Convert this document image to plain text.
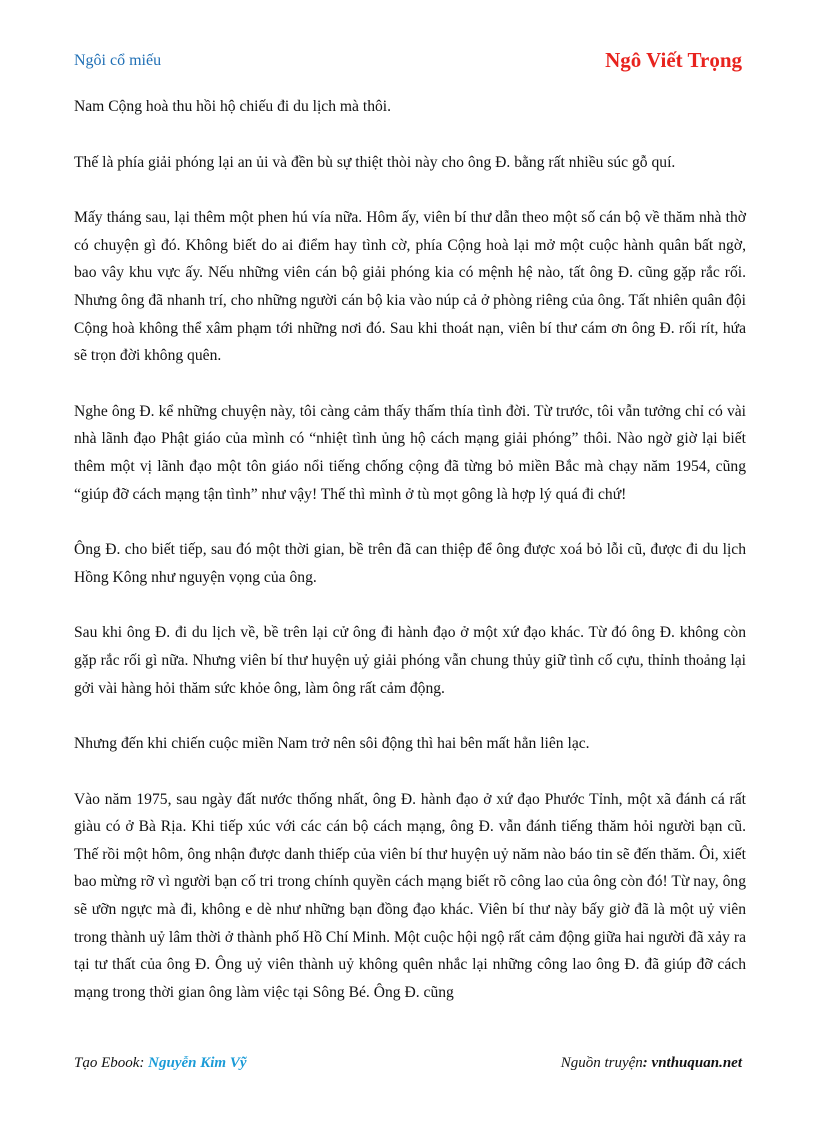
Ngôi cổ miếu	Ngô Viết Trọng

Nam Cộng hoà thu hồi hộ chiếu đi du lịch mà thôi.

Thế là phía giải phóng lại an ủi và đền bù sự thiệt thòi này cho ông Đ. bằng rất nhiều súc gỗ quí.

Mấy tháng sau, lại thêm một phen hú vía nữa. Hôm ấy, viên bí thư dẫn theo một số cán bộ về thăm nhà thờ có chuyện gì đó. Không biết do ai điểm hay tình cờ, phía Cộng hoà lại mở một cuộc hành quân bất ngờ, bao vây khu vực ấy. Nếu những viên cán bộ giải phóng kia có mệnh hệ nào, tất ông Đ. cũng gặp rắc rối. Nhưng ông đã nhanh trí, cho những người cán bộ kia vào núp cả ở phòng riêng của ông. Tất nhiên quân đội Cộng hoà không thể xâm phạm tới những nơi đó. Sau khi thoát nạn, viên bí thư cám ơn ông Đ. rối rít, hứa sẽ trọn đời không quên.

Nghe ông Đ. kể những chuyện này, tôi càng cảm thấy thấm thía tình đời. Từ trước, tôi vẫn tưởng chỉ có vài nhà lãnh đạo Phật giáo của mình có “nhiệt tình ủng hộ cách mạng giải phóng” thôi. Nào ngờ giờ lại biết thêm một vị lãnh đạo một tôn giáo nổi tiếng chống cộng đã từng bỏ miền Bắc mà chạy năm 1954, cũng “giúp đỡ cách mạng tận tình” như vậy! Thế thì mình ở tù mọt gông là hợp lý quá đi chứ!

Ông Đ. cho biết tiếp, sau đó một thời gian, bề trên đã can thiệp để ông được xoá bỏ lỗi cũ, được đi du lịch Hồng Kông như nguyện vọng của ông.

Sau khi ông Đ. đi du lịch về, bề trên lại cử ông đi hành đạo ở một xứ đạo khác. Từ đó ông Đ. không còn gặp rắc rối gì nữa. Nhưng viên bí thư huyện uỷ giải phóng vẫn chung thủy giữ tình cố cựu, thỉnh thoảng lại gởi vài hàng hỏi thăm sức khỏe ông, làm ông rất cảm động.

Nhưng đến khi chiến cuộc miền Nam trở nên sôi động thì hai bên mất hẳn liên lạc.

Vào năm 1975, sau ngày đất nước thống nhất, ông Đ. hành đạo ở xứ đạo Phước Tỉnh, một xã đánh cá rất giàu có ở Bà Rịa. Khi tiếp xúc với các cán bộ cách mạng, ông Đ. vẫn đánh tiếng thăm hỏi người bạn cũ. Thế rồi một hôm, ông nhận được danh thiếp của viên bí thư huyện uỷ năm nào báo tin sẽ đến thăm. Ôi, xiết bao mừng rỡ vì người bạn cố tri trong chính quyền cách mạng biết rõ công lao của ông còn đó! Từ nay, ông sẽ ưỡn ngực mà đi, không e dè như những bạn đồng đạo khác. Viên bí thư này bấy giờ đã là một uỷ viên trong thành uỷ lâm thời ở thành phố Hồ Chí Minh. Một cuộc hội ngộ rất cảm động giữa hai người đã xảy ra tại tư thất của ông Đ. Ông uỷ viên thành uỷ không quên nhắc lại những công lao ông Đ. đã giúp đỡ cách mạng trong thời gian ông làm việc tại Sông Bé. Ông Đ. cũng

Tạo Ebook: Nguyễn Kim Vỹ	Nguồn truyện: vnthuquan.net
